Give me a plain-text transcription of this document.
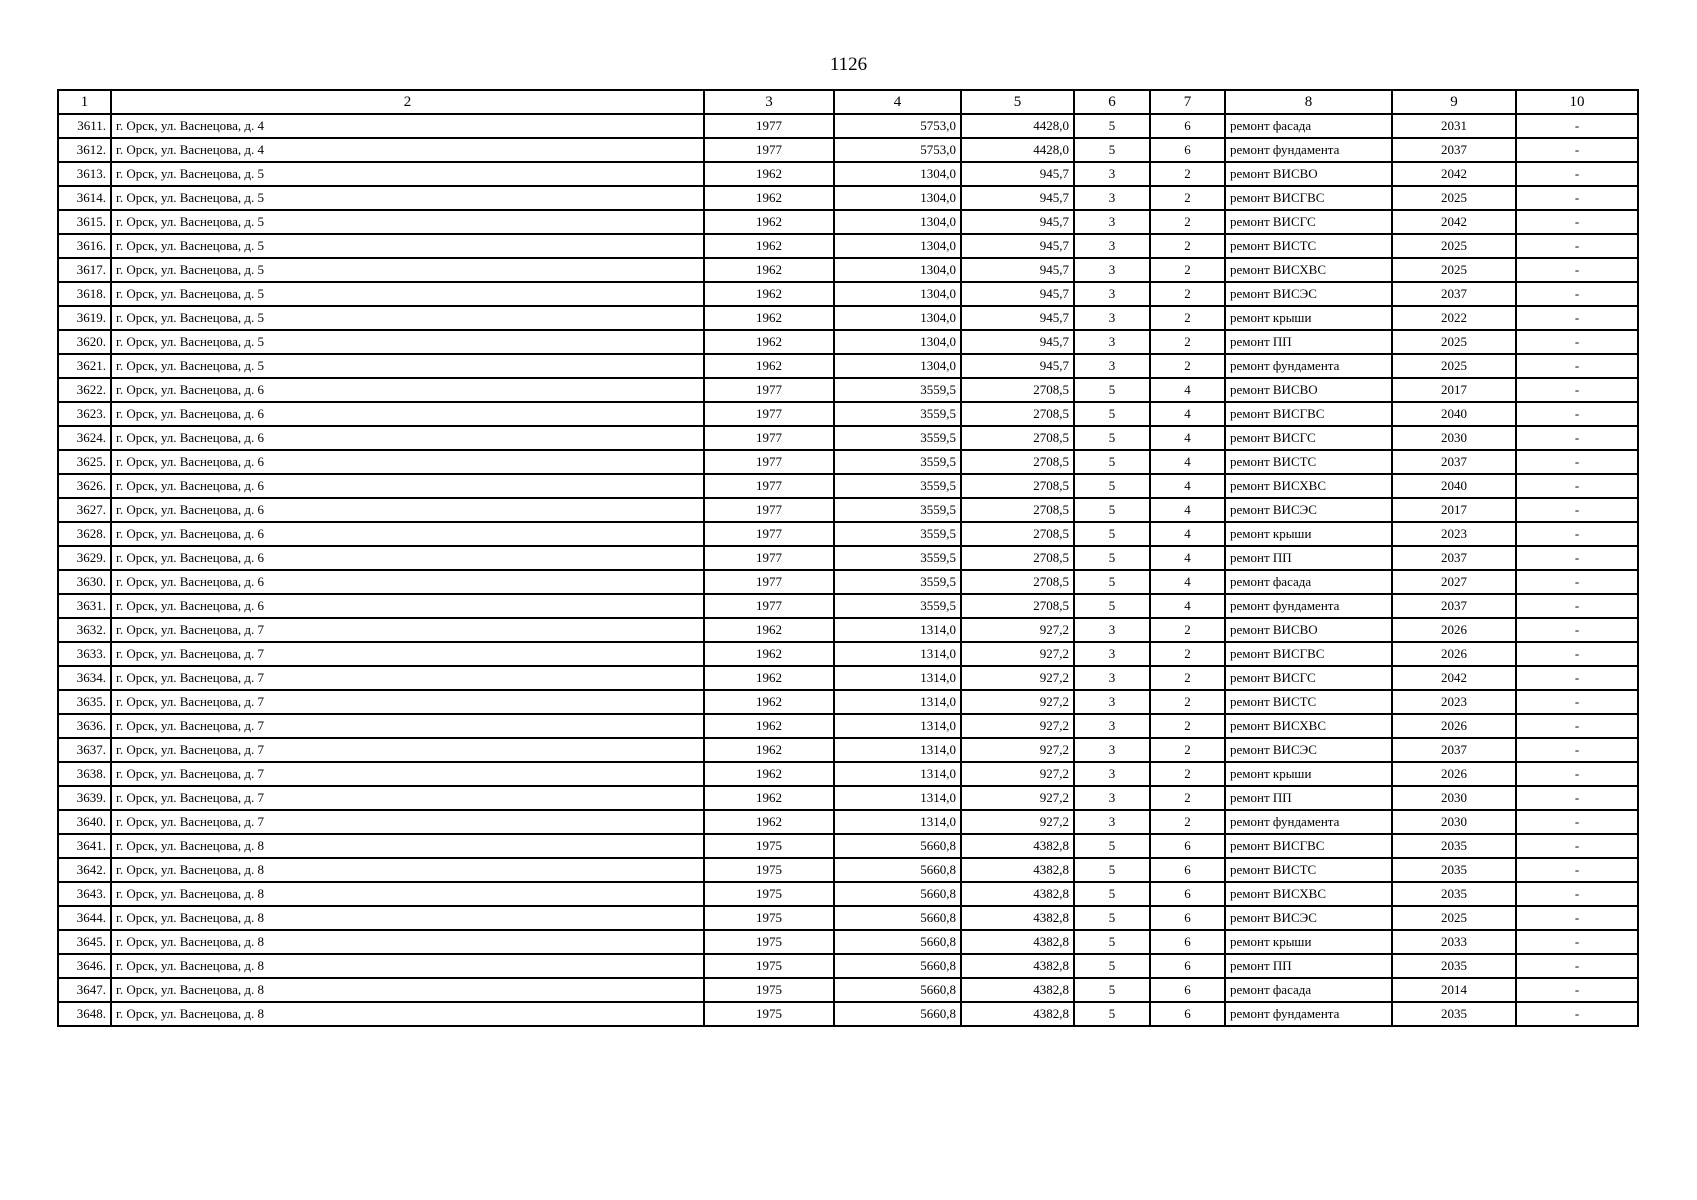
1126
1	2	3	4	5	6	7	8	9	10
3611.	г. Орск, ул. Васнецова, д. 4	1977	5753,0	4428,0	5	6	ремонт фасада	2031	-
3612.	г. Орск, ул. Васнецова, д. 4	1977	5753,0	4428,0	5	6	ремонт фундамента	2037	-
3613.	г. Орск, ул. Васнецова, д. 5	1962	1304,0	945,7	3	2	ремонт ВИСВО	2042	-
3614.	г. Орск, ул. Васнецова, д. 5	1962	1304,0	945,7	3	2	ремонт ВИСГВС	2025	-
3615.	г. Орск, ул. Васнецова, д. 5	1962	1304,0	945,7	3	2	ремонт ВИСГС	2042	-
3616.	г. Орск, ул. Васнецова, д. 5	1962	1304,0	945,7	3	2	ремонт ВИСТС	2025	-
3617.	г. Орск, ул. Васнецова, д. 5	1962	1304,0	945,7	3	2	ремонт ВИСХВС	2025	-
3618.	г. Орск, ул. Васнецова, д. 5	1962	1304,0	945,7	3	2	ремонт ВИСЭС	2037	-
3619.	г. Орск, ул. Васнецова, д. 5	1962	1304,0	945,7	3	2	ремонт крыши	2022	-
3620.	г. Орск, ул. Васнецова, д. 5	1962	1304,0	945,7	3	2	ремонт ПП	2025	-
3621.	г. Орск, ул. Васнецова, д. 5	1962	1304,0	945,7	3	2	ремонт фундамента	2025	-
3622.	г. Орск, ул. Васнецова, д. 6	1977	3559,5	2708,5	5	4	ремонт ВИСВО	2017	-
3623.	г. Орск, ул. Васнецова, д. 6	1977	3559,5	2708,5	5	4	ремонт ВИСГВС	2040	-
3624.	г. Орск, ул. Васнецова, д. 6	1977	3559,5	2708,5	5	4	ремонт ВИСГС	2030	-
3625.	г. Орск, ул. Васнецова, д. 6	1977	3559,5	2708,5	5	4	ремонт ВИСТС	2037	-
3626.	г. Орск, ул. Васнецова, д. 6	1977	3559,5	2708,5	5	4	ремонт ВИСХВС	2040	-
3627.	г. Орск, ул. Васнецова, д. 6	1977	3559,5	2708,5	5	4	ремонт ВИСЭС	2017	-
3628.	г. Орск, ул. Васнецова, д. 6	1977	3559,5	2708,5	5	4	ремонт крыши	2023	-
3629.	г. Орск, ул. Васнецова, д. 6	1977	3559,5	2708,5	5	4	ремонт ПП	2037	-
3630.	г. Орск, ул. Васнецова, д. 6	1977	3559,5	2708,5	5	4	ремонт фасада	2027	-
3631.	г. Орск, ул. Васнецова, д. 6	1977	3559,5	2708,5	5	4	ремонт фундамента	2037	-
3632.	г. Орск, ул. Васнецова, д. 7	1962	1314,0	927,2	3	2	ремонт ВИСВО	2026	-
3633.	г. Орск, ул. Васнецова, д. 7	1962	1314,0	927,2	3	2	ремонт ВИСГВС	2026	-
3634.	г. Орск, ул. Васнецова, д. 7	1962	1314,0	927,2	3	2	ремонт ВИСГС	2042	-
3635.	г. Орск, ул. Васнецова, д. 7	1962	1314,0	927,2	3	2	ремонт ВИСТС	2023	-
3636.	г. Орск, ул. Васнецова, д. 7	1962	1314,0	927,2	3	2	ремонт ВИСХВС	2026	-
3637.	г. Орск, ул. Васнецова, д. 7	1962	1314,0	927,2	3	2	ремонт ВИСЭС	2037	-
3638.	г. Орск, ул. Васнецова, д. 7	1962	1314,0	927,2	3	2	ремонт крыши	2026	-
3639.	г. Орск, ул. Васнецова, д. 7	1962	1314,0	927,2	3	2	ремонт ПП	2030	-
3640.	г. Орск, ул. Васнецова, д. 7	1962	1314,0	927,2	3	2	ремонт фундамента	2030	-
3641.	г. Орск, ул. Васнецова, д. 8	1975	5660,8	4382,8	5	6	ремонт ВИСГВС	2035	-
3642.	г. Орск, ул. Васнецова, д. 8	1975	5660,8	4382,8	5	6	ремонт ВИСТС	2035	-
3643.	г. Орск, ул. Васнецова, д. 8	1975	5660,8	4382,8	5	6	ремонт ВИСХВС	2035	-
3644.	г. Орск, ул. Васнецова, д. 8	1975	5660,8	4382,8	5	6	ремонт ВИСЭС	2025	-
3645.	г. Орск, ул. Васнецова, д. 8	1975	5660,8	4382,8	5	6	ремонт крыши	2033	-
3646.	г. Орск, ул. Васнецова, д. 8	1975	5660,8	4382,8	5	6	ремонт ПП	2035	-
3647.	г. Орск, ул. Васнецова, д. 8	1975	5660,8	4382,8	5	6	ремонт фасада	2014	-
3648.	г. Орск, ул. Васнецова, д. 8	1975	5660,8	4382,8	5	6	ремонт фундамента	2035	-
